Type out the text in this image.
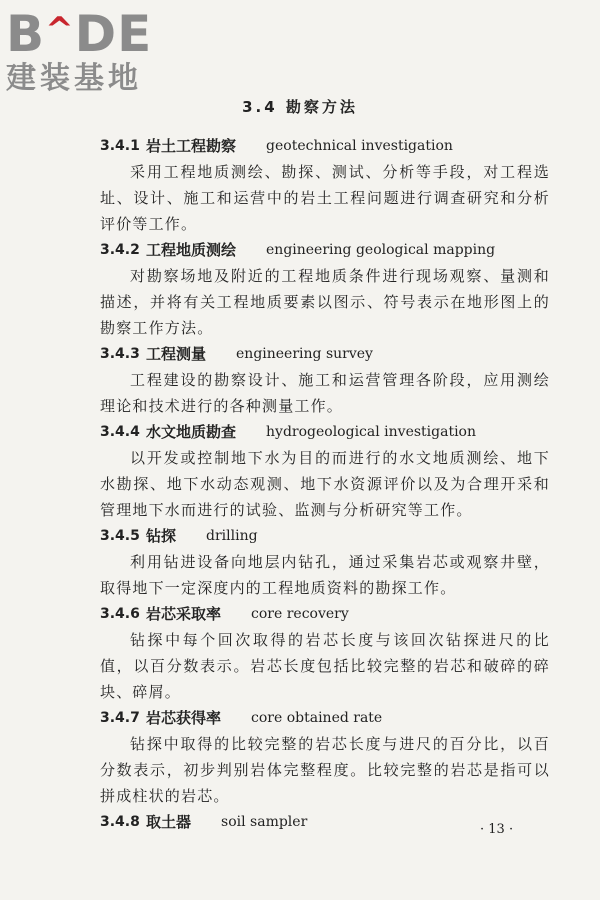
B^DE
建装基地
3.4 勘察方法
3.4.1 岩土工程勘察 geotechnical investigation

采用工程地质测绘、勘探、测试、分析等手段，对工程选址、设计、施工和运营中的岩土工程问题进行调查研究和分析评价等工作。

3.4.2 工程地质测绘 engineering geological mapping

对勘察场地及附近的工程地质条件进行现场观察、量测和描述，并将有关工程地质要素以图示、符号表示在地形图上的勘察工作方法。

3.4.3 工程测量 engineering survey

工程建设的勘察设计、施工和运营管理各阶段，应用测绘理论和技术进行的各种测量工作。

3.4.4 水文地质勘查 hydrogeological investigation

以开发或控制地下水为目的而进行的水文地质测绘、地下水勘探、地下水动态观测、地下水资源评价以及为合理开采和管理地下水而进行的试验、监测与分析研究等工作。

3.4.5 钻探 drilling

利用钻进设备向地层内钻孔，通过采集岩芯或观察井壁，取得地下一定深度内的工程地质资料的勘探工作。

3.4.6 岩芯采取率 core recovery

钻探中每个回次取得的岩芯长度与该回次钻探进尺的比值，以百分数表示。岩芯长度包括比较完整的岩芯和破碎的碎块、碎屑。

3.4.7 岩芯获得率 core obtained rate

钻探中取得的比较完整的岩芯长度与进尺的百分比，以百分数表示，初步判别岩体完整程度。比较完整的岩芯是指可以拼成柱状的岩芯。

3.4.8 取土器 soil sampler	· 13 ·
